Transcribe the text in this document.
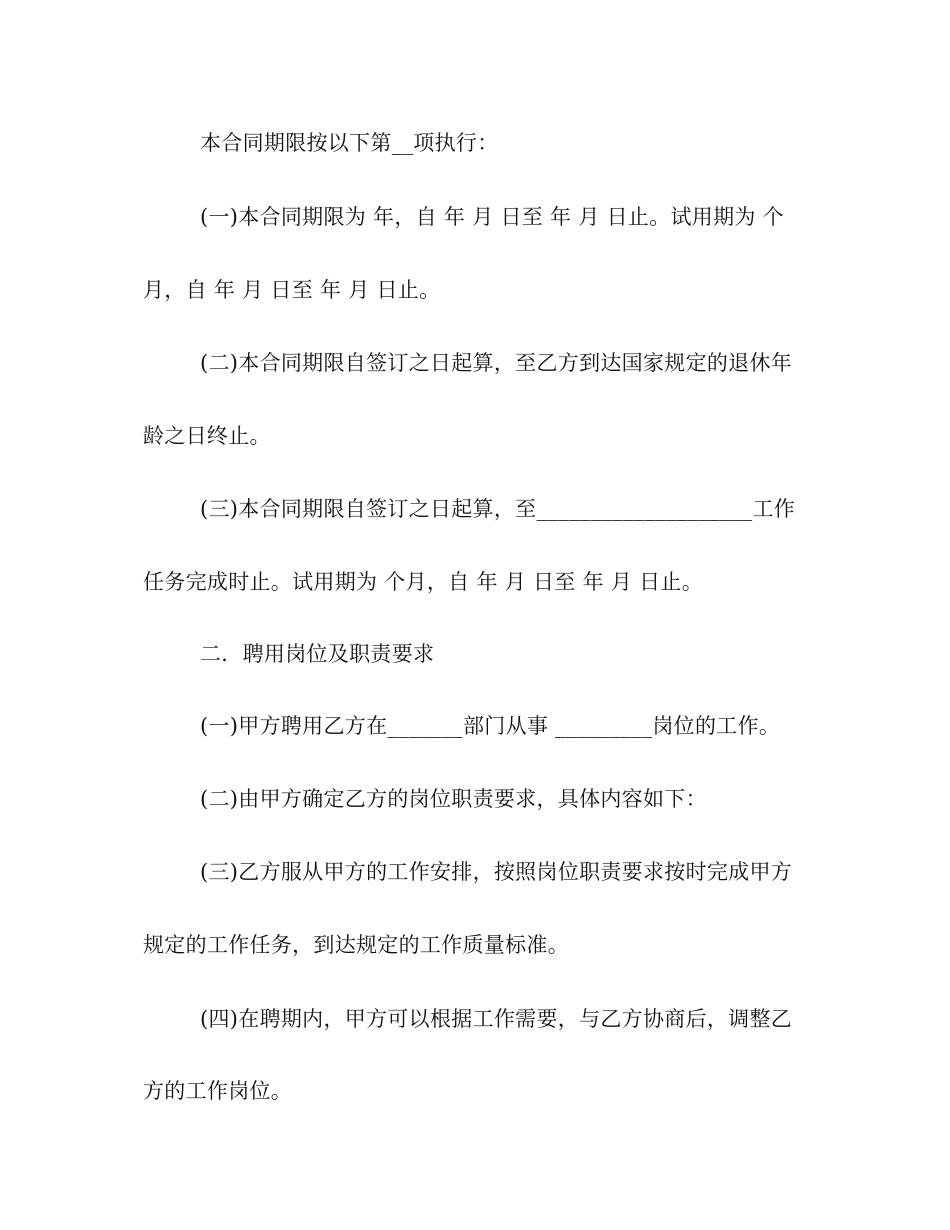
本合同期限按以下第__项执行：
(一)本合同期限为 年，自 年 月 日至 年 月 日止。试用期为 个
月，自 年 月 日至 年 月 日止。
(二)本合同期限自签订之日起算，至乙方到达国家规定的退休年
龄之日终止。
(三)本合同期限自签订之日起算，至____________________工作
任务完成时止。试用期为 个月，自 年 月 日至 年 月 日止。
二．聘用岗位及职责要求
(一)甲方聘用乙方在_______部门从事 _________岗位的工作。
(二)由甲方确定乙方的岗位职责要求，具体内容如下：
(三)乙方服从甲方的工作安排，按照岗位职责要求按时完成甲方
规定的工作任务，到达规定的工作质量标准。
(四)在聘期内，甲方可以根据工作需要，与乙方协商后，调整乙
方的工作岗位。
